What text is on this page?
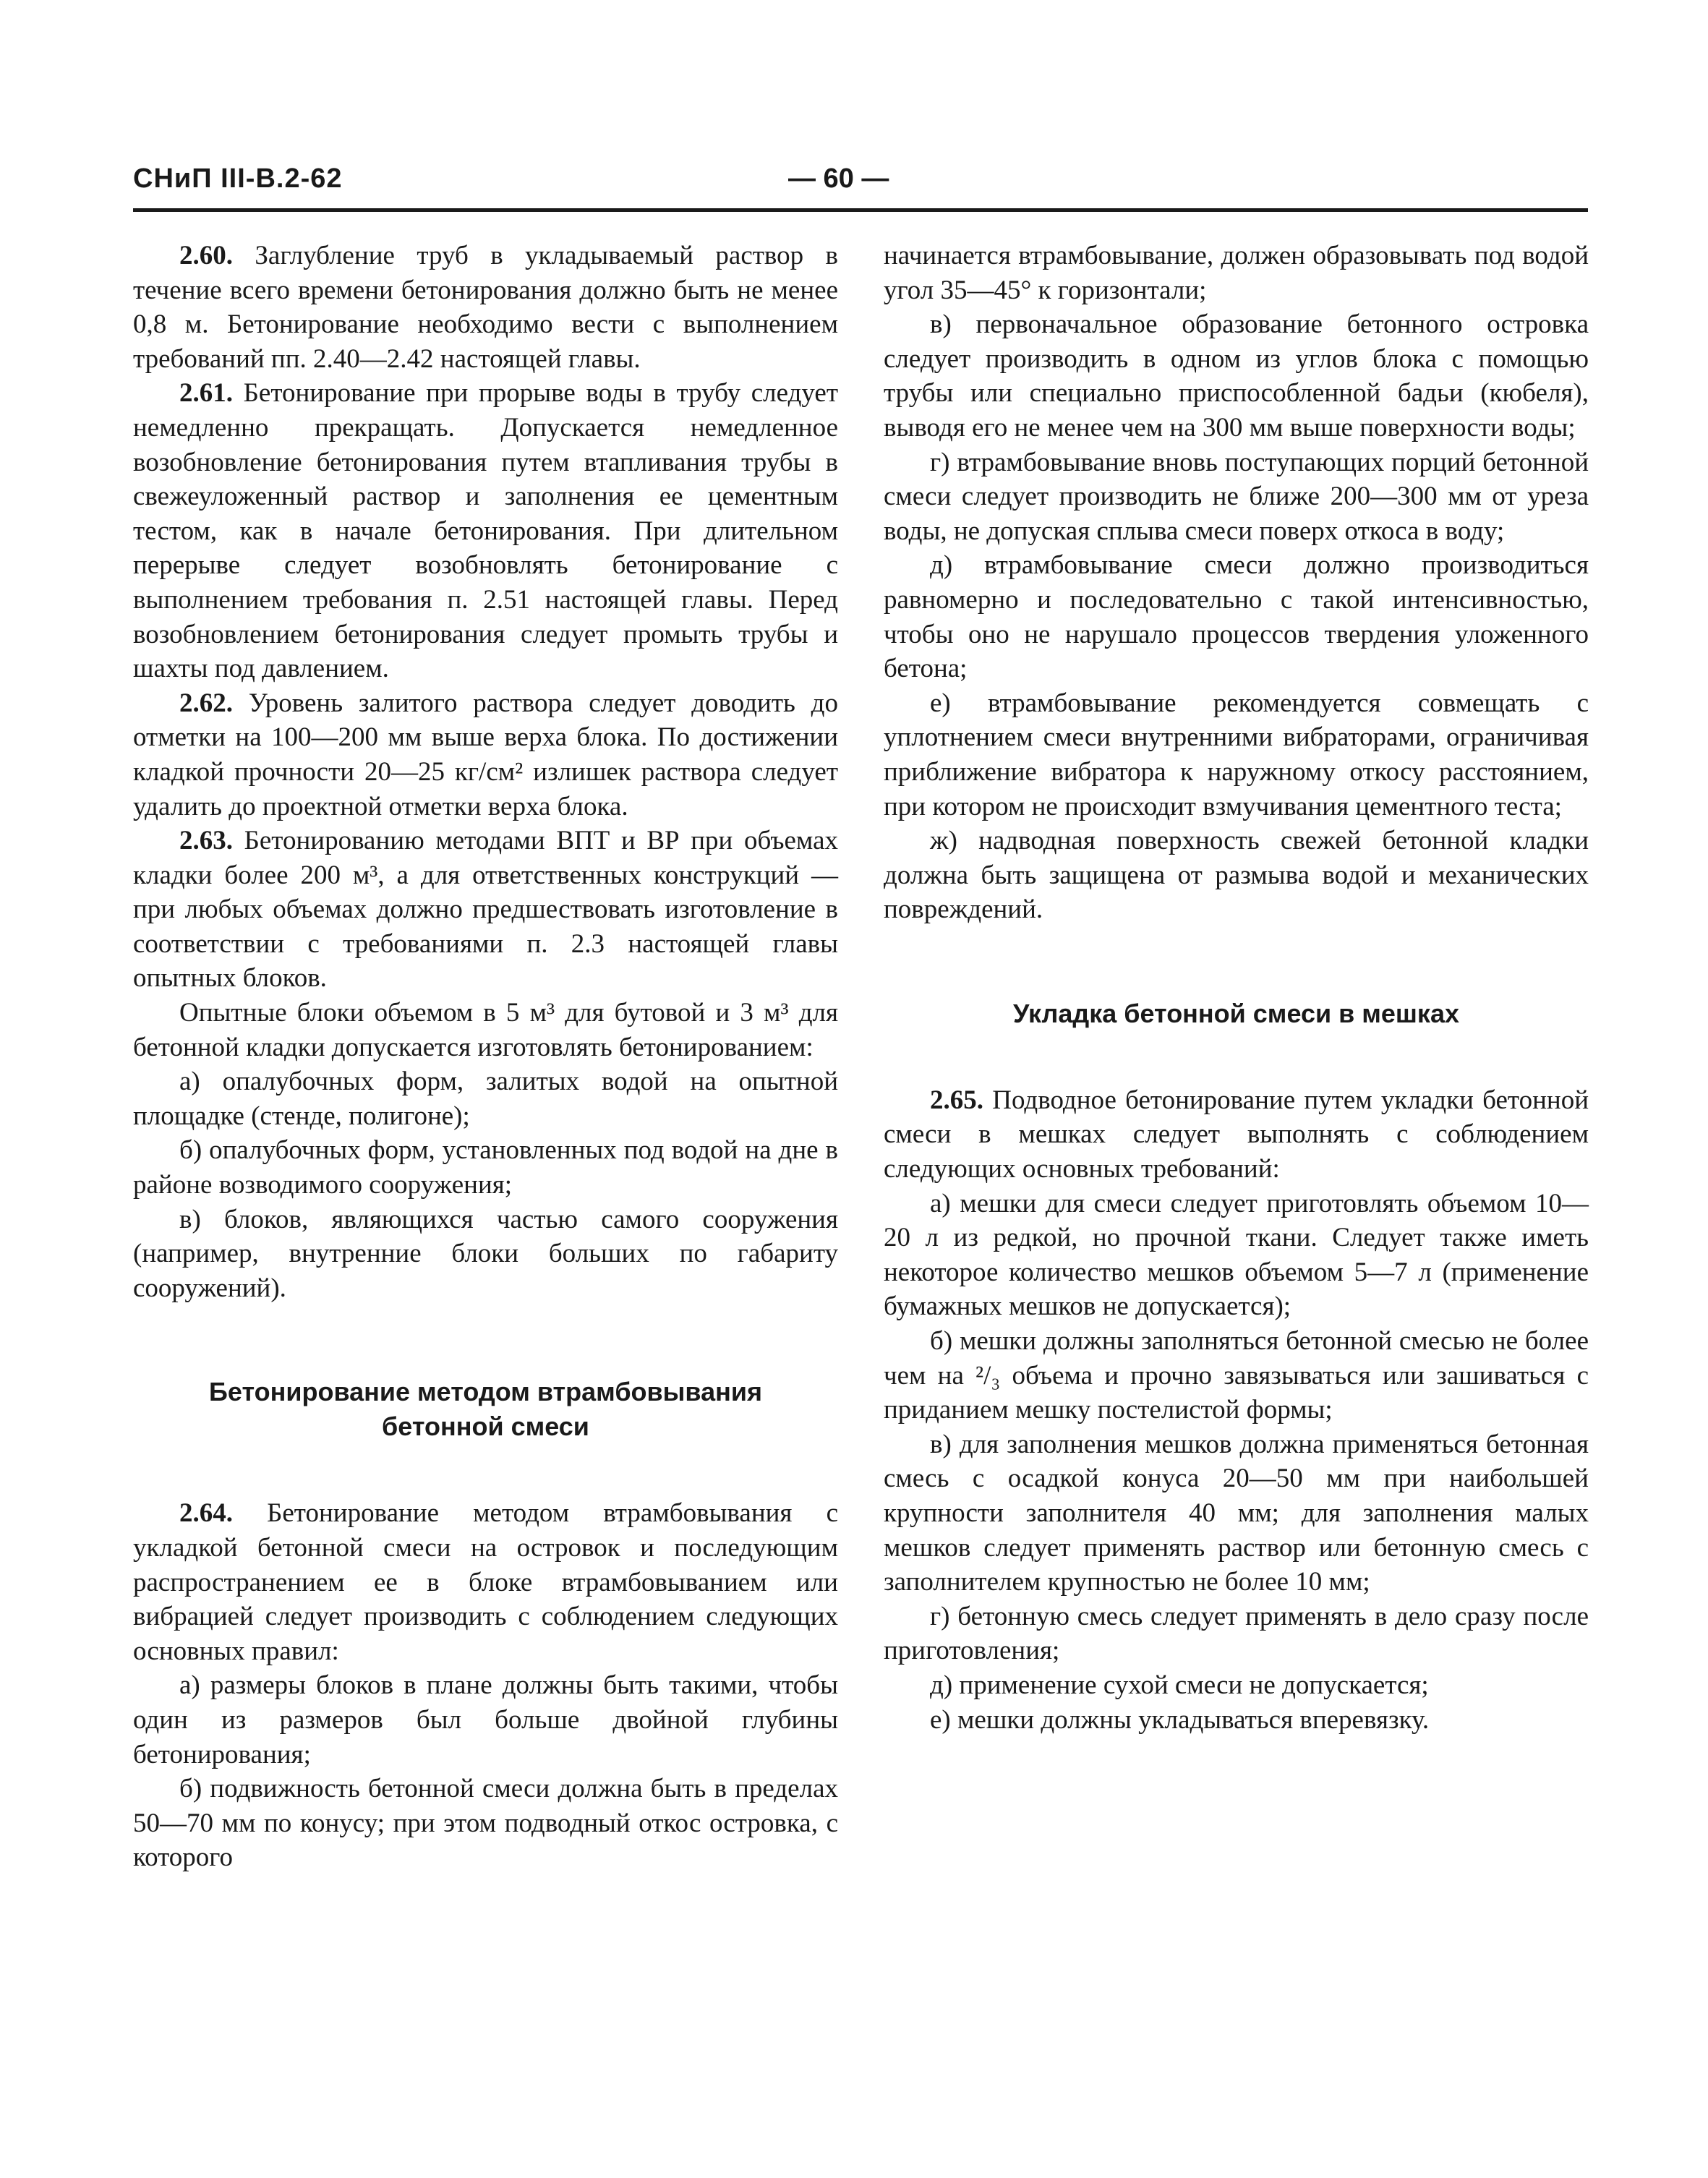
СНиП III-В.2-62	— 60 —

2.60. Заглубление труб в укладываемый раствор в течение всего времени бетонирования должно быть не менее 0,8 м. Бетонирование необходимо вести с выполнением требований пп. 2.40—2.42 настоящей главы.

2.61. Бетонирование при прорыве воды в трубу следует немедленно прекращать. Допускается немедленное возобновление бетонирования путем втапливания трубы в свежеуложенный раствор и заполнения ее цементным тестом, как в начале бетонирования. При длительном перерыве следует возобновлять бетонирование с выполнением требования п. 2.51 настоящей главы. Перед возобновлением бетонирования следует промыть трубы и шахты под давлением.

2.62. Уровень залитого раствора следует доводить до отметки на 100—200 мм выше верха блока. По достижении кладкой прочности 20—25 кг/см² излишек раствора следует удалить до проектной отметки верха блока.

2.63. Бетонированию методами ВПТ и ВР при объемах кладки более 200 м³, а для ответственных конструкций — при любых объемах должно предшествовать изготовление в соответствии с требованиями п. 2.3 настоящей главы опытных блоков.

Опытные блоки объемом в 5 м³ для бутовой и 3 м³ для бетонной кладки допускается изготовлять бетонированием:

а) опалубочных форм, залитых водой на опытной площадке (стенде, полигоне);

б) опалубочных форм, установленных под водой на дне в районе возводимого сооружения;

в) блоков, являющихся частью самого сооружения (например, внутренние блоки больших по габариту сооружений).

Бетонирование методом втрамбовывания
бетонной смеси

2.64. Бетонирование методом втрамбовывания с укладкой бетонной смеси на островок и последующим распространением ее в блоке втрамбовыванием или вибрацией следует производить с соблюдением следующих основных правил:

а) размеры блоков в плане должны быть такими, чтобы один из размеров был больше двойной глубины бетонирования;

б) подвижность бетонной смеси должна быть в пределах 50—70 мм по конусу; при этом подводный откос островка, с которого

начинается втрамбовывание, должен образовывать под водой угол 35—45° к горизонтали;

в) первоначальное образование бетонного островка следует производить в одном из углов блока с помощью трубы или специально приспособленной бадьи (кюбеля), выводя его не менее чем на 300 мм выше поверхности воды;

г) втрамбовывание вновь поступающих порций бетонной смеси следует производить не ближе 200—300 мм от уреза воды, не допуская сплыва смеси поверх откоса в воду;

д) втрамбовывание смеси должно производиться равномерно и последовательно с такой интенсивностью, чтобы оно не нарушало процессов твердения уложенного бетона;

е) втрамбовывание рекомендуется совмещать с уплотнением смеси внутренними вибраторами, ограничивая приближение вибратора к наружному откосу расстоянием, при котором не происходит взмучивания цементного теста;

ж) надводная поверхность свежей бетонной кладки должна быть защищена от размыва водой и механических повреждений.

Укладка бетонной смеси в мешках

2.65. Подводное бетонирование путем укладки бетонной смеси в мешках следует выполнять с соблюдением следующих основных требований:

а) мешки для смеси следует приготовлять объемом 10—20 л из редкой, но прочной ткани. Следует также иметь некоторое количество мешков объемом 5—7 л (применение бумажных мешков не допускается);

б) мешки должны заполняться бетонной смесью не более чем на ²/₃ объема и прочно завязываться или зашиваться с приданием мешку постелистой формы;

в) для заполнения мешков должна применяться бетонная смесь с осадкой конуса 20—50 мм при наибольшей крупности заполнителя 40 мм; для заполнения малых мешков следует применять раствор или бетонную смесь с заполнителем крупностью не более 10 мм;

г) бетонную смесь следует применять в дело сразу после приготовления;

д) применение сухой смеси не допускается;

е) мешки должны укладываться вперевязку.
